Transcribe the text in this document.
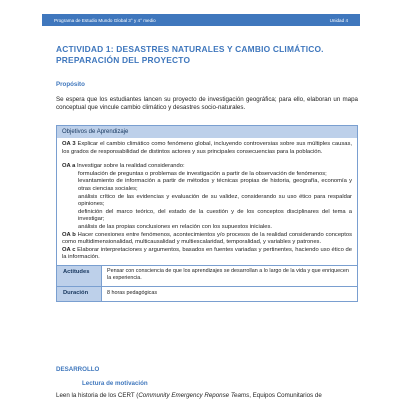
Programa de Estudio Mundo Global 3° y 4° medio	Unidad 4
ACTIVIDAD 1: DESASTRES NATURALES Y CAMBIO CLIMÁTICO. PREPARACIÓN DEL PROYECTO
Propósito
Se espera que los estudiantes lancen su proyecto de investigación geográfica; para ello, elaboran un mapa conceptual que vincule cambio climático y desastres socio-naturales.
Objetivos de Aprendizaje

OA 3 Explicar el cambio climático como fenómeno global, incluyendo controversias sobre sus múltiples causas, los grados de responsabilidad de distintos actores y sus principales consecuencias para la población.

OA a Investigar sobre la realidad considerando:

formulación de preguntas o problemas de investigación a partir de la observación de fenómenos;

levantamiento de información a partir de métodos y técnicas propias de historia, geografía, economía y otras ciencias sociales;

análisis crítico de las evidencias y evaluación de su validez, considerando su uso ético para respaldar opiniones;

definición del marco teórico, del estado de la cuestión y de los conceptos disciplinares del tema a investigar;

análisis de las propias conclusiones en relación con los supuestos iniciales.

OA b Hacer conexiones entre fenómenos, acontecimientos y/o procesos de la realidad considerando conceptos como multidimensionalidad, multicausalidad y multiescalaridad, temporalidad, y variables y patrones.

OA c Elaborar interpretaciones y argumentos, basados en fuentes variadas y pertinentes, haciendo uso ético de la información.

Actitudes	Pensar con consciencia de que los aprendizajes se desarrollan a lo largo de la vida y que enriquecen la experiencia.
Duración	8 horas pedagógicas
DESARROLLO
Lectura de motivación
Leen la historia de los CERT (Community Emergency Reponse Teams, Equipos Comunitarios de
